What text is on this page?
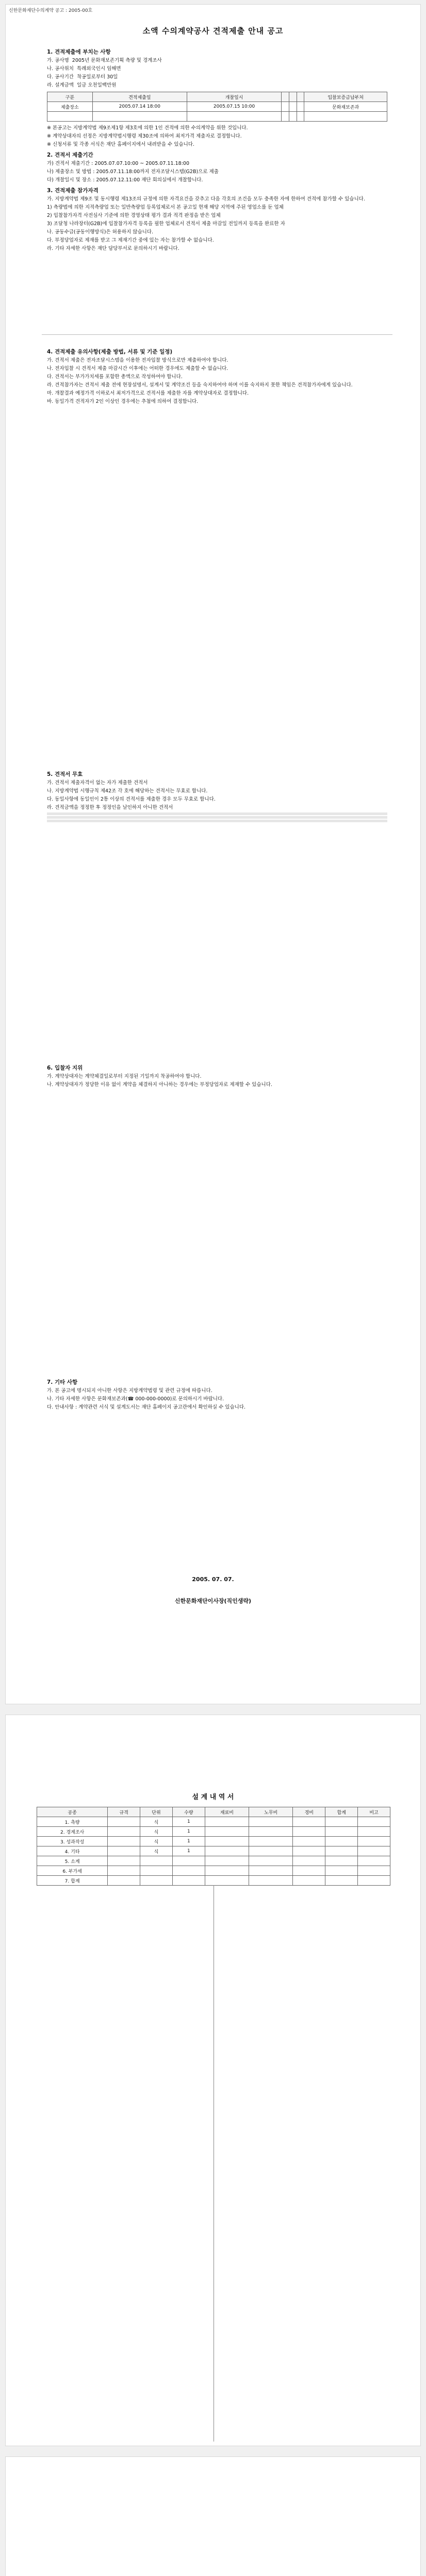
신한문화재단수의계약 공고 : 2005-00호
소액 수의계약공사 견적제출 안내 공고
1. 견적제출에 부치는 사항

가. 공사명 2005년 문화재보존기획 측량 및 경계조사

나. 공사위치 특례외국인시 임해면

다. 공사기간 착공일로부터 30일

라. 설계금액 일금 오천일백만원

구분	견적제출일	개찰일시				입찰보증금납부처
제출장소	2005.07.14 18:00	2005.07.15 10:00				문화재보존과

※ 본공고는 지방계약법 제9조제1항 제3호에 의한 1인 견적에 의한 수의계약을 위한 것입니다.

※ 계약상대자의 선정은 지방계약법시행령 제30조에 의하여 최저가격 제출자로 결정합니다.

※ 신청서류 및 각종 서식은 재단 홈페이지에서 내려받을 수 있습니다.

2. 견적서 제출기간

가) 견적서 제출기간 : 2005.07.07.10:00 ~ 2005.07.11.18:00

나) 제출장소 및 방법 : 2005.07.11.18:00까지 전자조달시스템(G2B)으로 제출

다) 개찰일시 및 장소 : 2005.07.12.11:00 재단 회의실에서 개찰합니다.

3. 견적제출 참가자격

가. 지방계약법 제9조 및 동시행령 제13조의 규정에 의한 자격요건을 갖추고 다음 각호의 조건을 모두 충족한 자에 한하여 견적에 참가할 수 있습니다.

1) 측량법에 의한 지적측량업 또는 일반측량업 등록업체로서 본 공고일 현재 해당 지역에 주된 영업소를 둔 업체

2) 입찰참가자격 사전심사 기준에 의한 경영상태 평가 결과 적격 판정을 받은 업체

3) 조달청 나라장터(G2B)에 입찰참가자격 등록을 필한 업체로서 견적서 제출 마감일 전일까지 등록을 완료한 자

나. 공동수급(공동이행방식)은 허용하지 않습니다.

다. 부정당업자로 제재를 받고 그 제재기간 중에 있는 자는 참가할 수 없습니다.

라. 기타 자세한 사항은 재단 담당부서로 문의하시기 바랍니다.

4. 견적제출 유의사항(제출 방법, 서류 및 기준 일정)

가. 견적서 제출은 전자조달시스템을 이용한 전자입찰 방식으로만 제출하여야 합니다.

나. 전자입찰 시 견적서 제출 마감시간 이후에는 어떠한 경우에도 제출할 수 없습니다.

다. 견적서는 부가가치세를 포함한 총액으로 작성하여야 합니다.

라. 견적참가자는 견적서 제출 전에 현장설명서, 설계서 및 계약조건 등을 숙지하여야 하며 이를 숙지하지 못한 책임은 견적참가자에게 있습니다.

마. 개찰결과 예정가격 이하로서 최저가격으로 견적서를 제출한 자를 계약상대자로 결정합니다.

바. 동일가격 견적자가 2인 이상인 경우에는 추첨에 의하여 결정합니다.

5. 견적서 무효

가. 견적서 제출자격이 없는 자가 제출한 견적서

나. 지방계약법 시행규칙 제42조 각 호에 해당하는 견적서는 무효로 합니다.

다. 동일사항에 동일인이 2통 이상의 견적서를 제출한 경우 모두 무효로 합니다.

라. 견적금액을 정정한 후 정정인을 날인하지 아니한 견적서

6. 입찰자 지위

가. 계약상대자는 계약체결일로부터 지정된 기일까지 착공하여야 합니다.

나. 계약상대자가 정당한 이유 없이 계약을 체결하지 아니하는 경우에는 부정당업자로 제재할 수 있습니다.

7. 기타 사항

가. 본 공고에 명시되지 아니한 사항은 지방계약법령 및 관련 규정에 따릅니다.

나. 기타 자세한 사항은 문화재보존과(☎ 000-000-0000)로 문의하시기 바랍니다.

다. 안내사항 : 계약관련 서식 및 설계도서는 재단 홈페이지 공고란에서 확인하실 수 있습니다.

2005. 07. 07.
신한문화재단이사장(직인생략)
설 계 내 역 서
공종	규격	단위	수량	재료비	노무비	경비	합계	비고
1. 측량		식	1					
2. 경계조사		식	1					
3. 성과작성		식	1					
4. 기타		식	1					
5. 소계								
6. 부가세								
7. 합계								
